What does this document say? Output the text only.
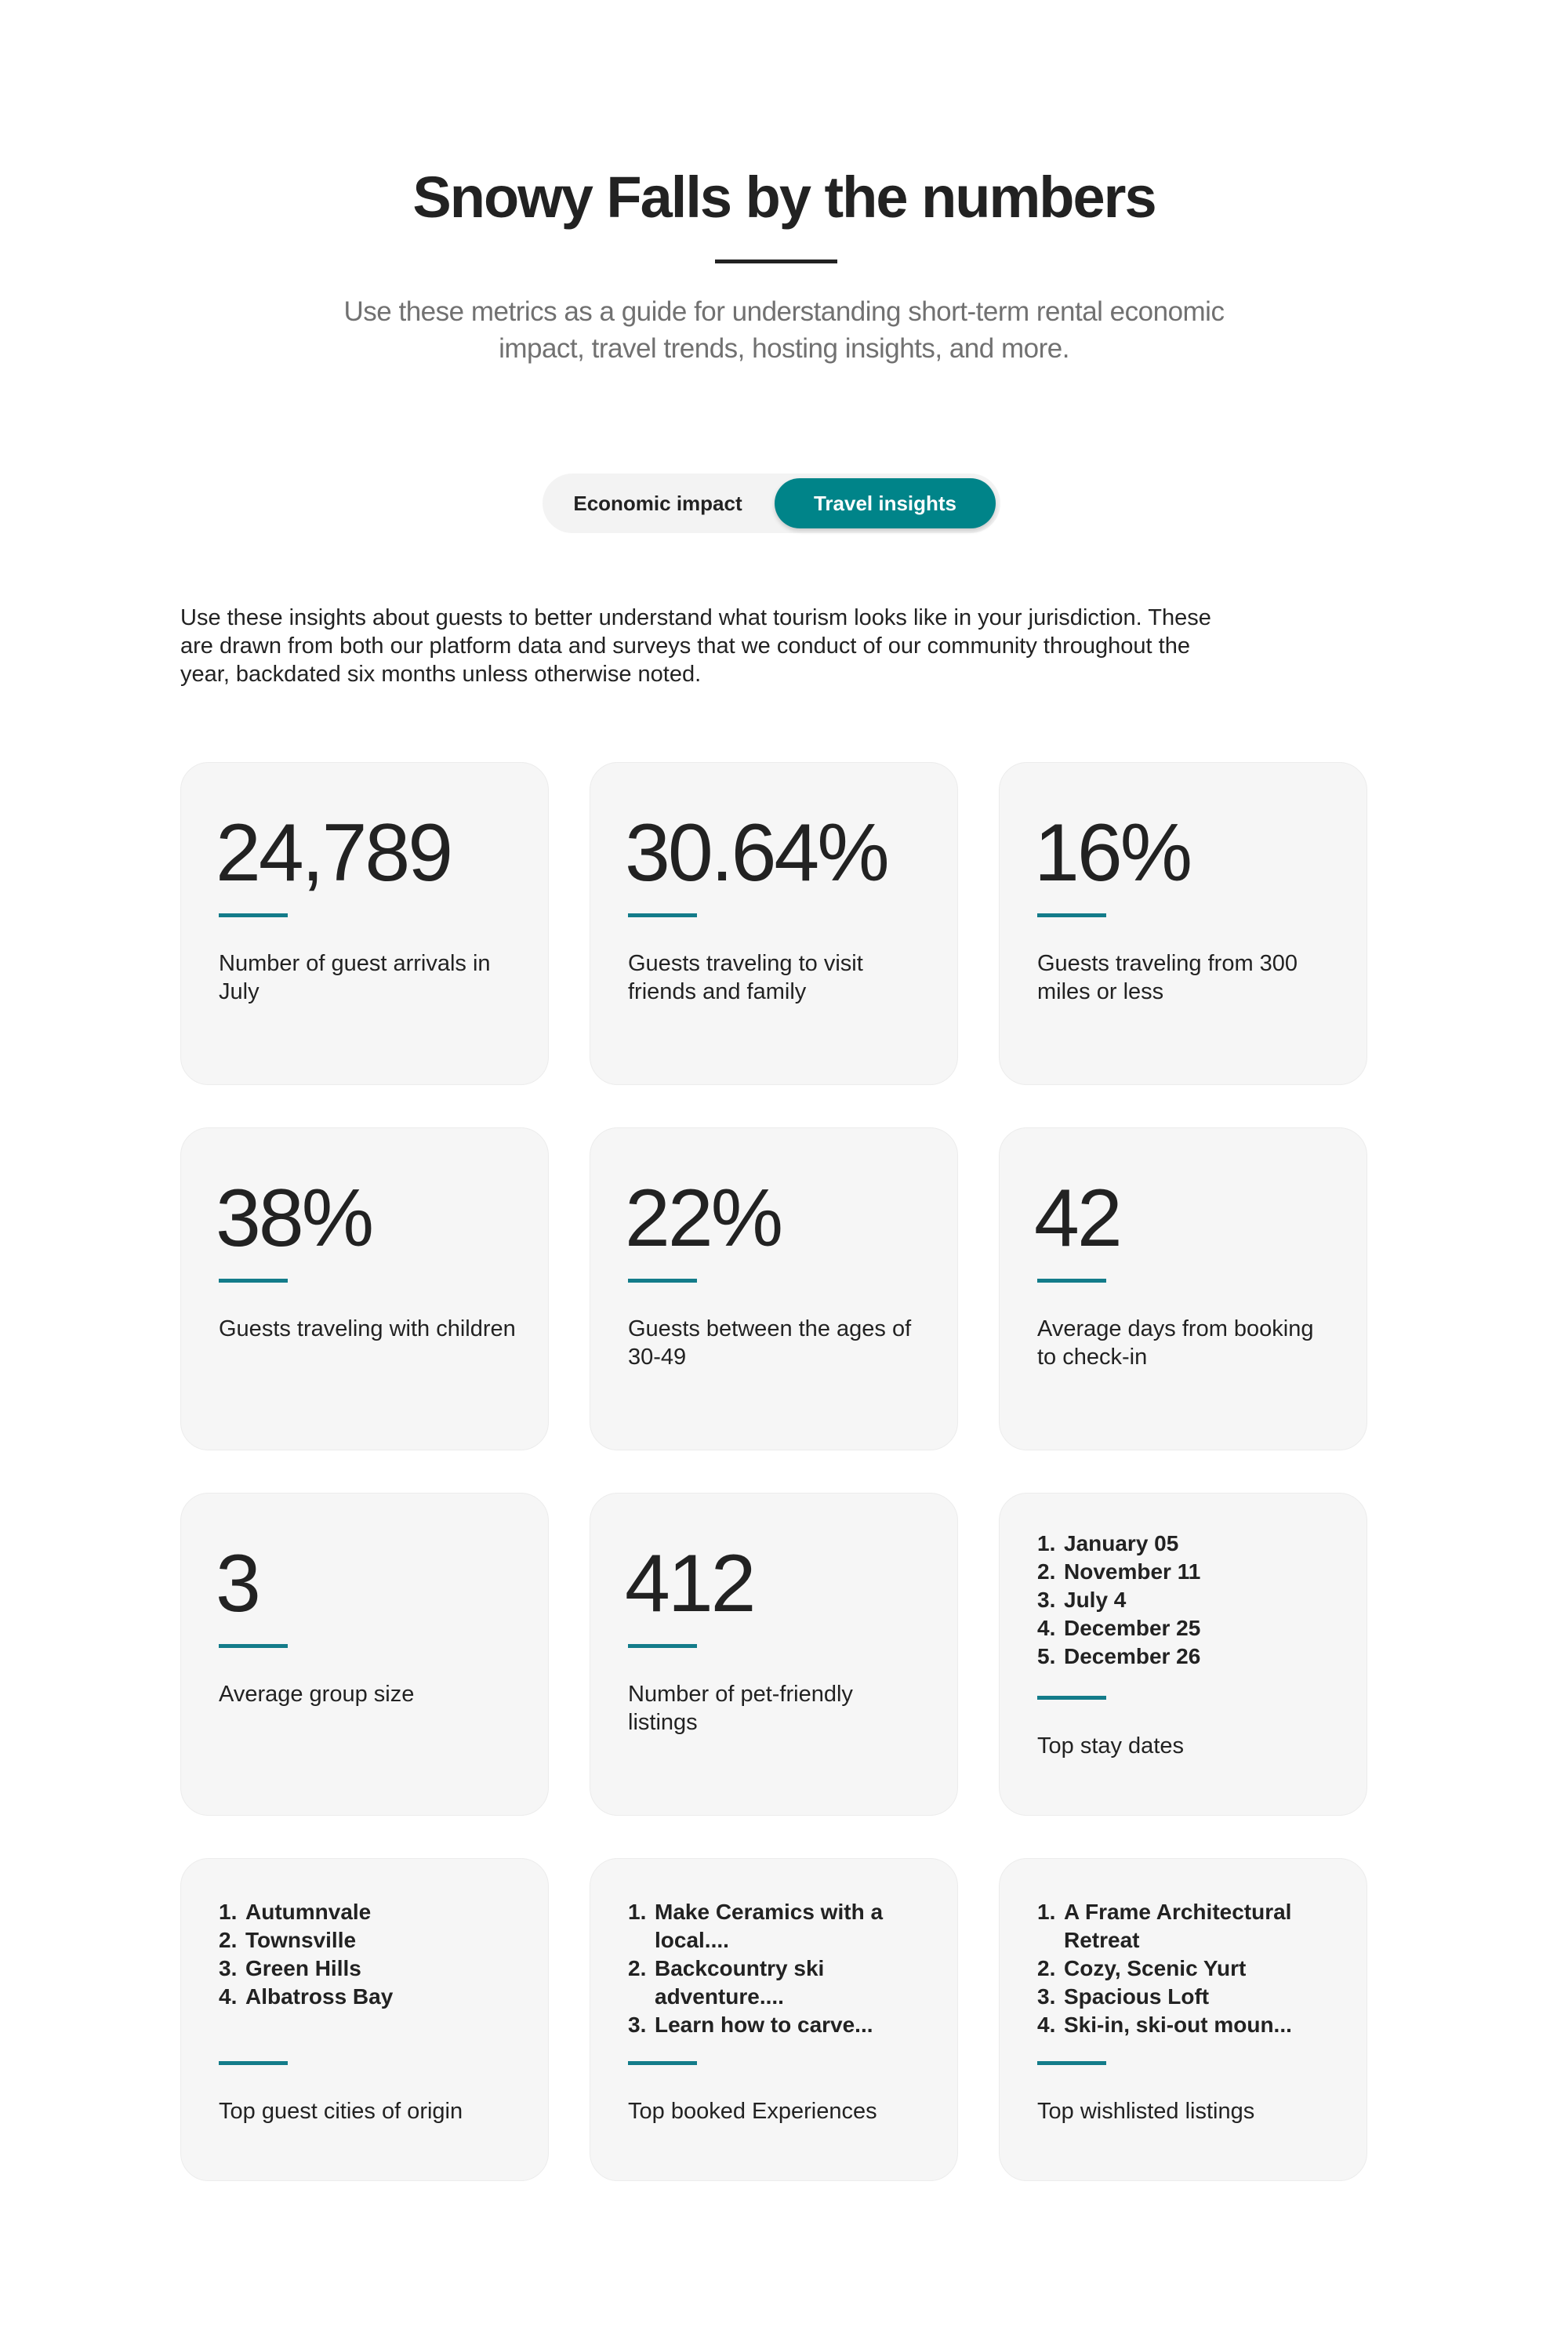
Snowy Falls by the numbers

Use these metrics as a guide for understanding short-term rental economic impact, travel trends, hosting insights, and more.

Economic impact	Travel insights

Use these insights about guests to better understand what tourism looks like in your jurisdiction. These are drawn from both our platform data and surveys that we conduct of our community throughout the year, backdated six months unless otherwise noted.

24,789
Number of guest arrivals in July
30.64%
Guests traveling to visit friends and family
16%
Guests traveling from 300 miles or less
38%
Guests traveling with children
22%
Guests between the ages of 30-49
42
Average days from booking to check-in
3
Average group size
412
Number of pet-friendly listings
1. January 05
2. November 11
3. July 4
4. December 25
5. December 26
Top stay dates
1. Autumnvale
2. Townsville
3. Green Hills
4. Albatross Bay
Top guest cities of origin
1. Make Ceramics with a local....
2. Backcountry ski adventure....
3. Learn how to carve...
Top booked Experiences
1. A Frame Architectural Retreat
2. Cozy, Scenic Yurt
3. Spacious Loft
4. Ski-in, ski-out moun...
Top wishlisted listings
